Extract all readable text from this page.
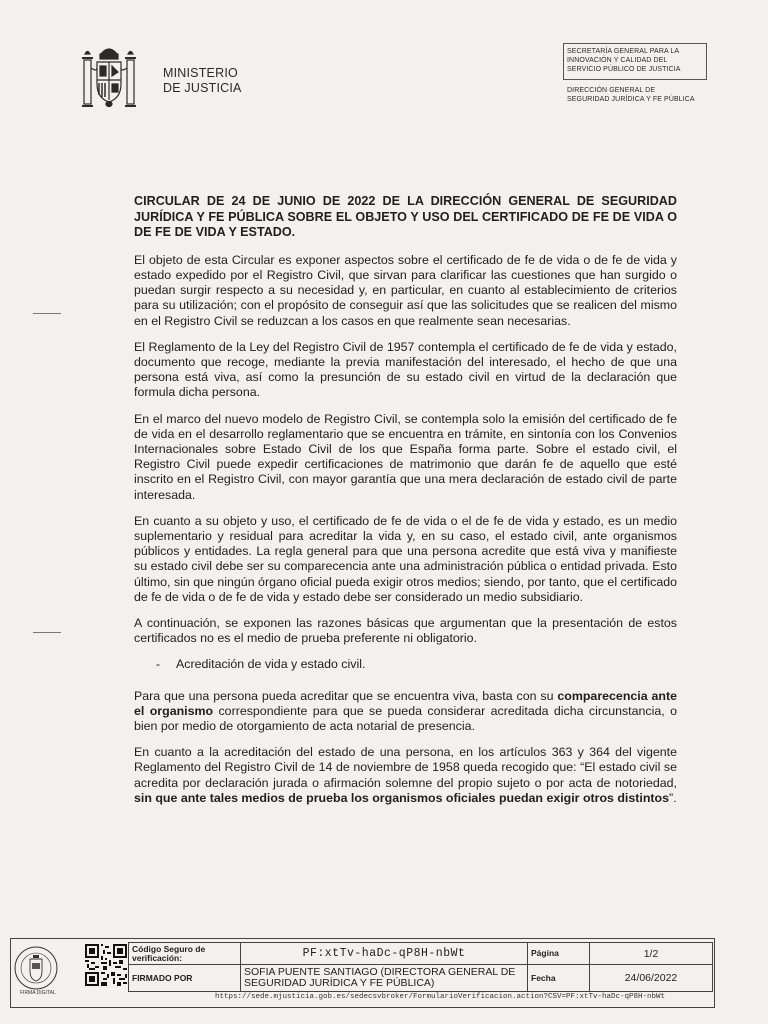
MINISTERIO
DE JUSTICIA
SECRETARÍA GENERAL PARA LA
INNOVACIÓN Y CALIDAD DEL
SERVICIO PÚBLICO DE JUSTICIA
DIRECCIÓN GENERAL DE
SEGURIDAD JURÍDICA Y FE PÚBLICA

CIRCULAR DE 24 DE JUNIO DE 2022 DE LA DIRECCIÓN GENERAL DE SEGURIDAD JURÍDICA Y FE PÚBLICA SOBRE EL OBJETO Y USO DEL CERTIFICADO DE FE DE VIDA O DE FE DE VIDA Y ESTADO.

El objeto de esta Circular es exponer aspectos sobre el certificado de fe de vida o de fe de vida y estado expedido por el Registro Civil, que sirvan para clarificar las cuestiones que han surgido o puedan surgir respecto a su necesidad y, en particular, en cuanto al establecimiento de criterios para su utilización; con el propósito de conseguir así que las solicitudes que se realicen del mismo en el Registro Civil se reduzcan a los casos en que realmente sean necesarias.

El Reglamento de la Ley del Registro Civil de 1957 contempla el certificado de fe de vida y estado, documento que recoge, mediante la previa manifestación del interesado, el hecho de que una persona está viva, así como la presunción de su estado civil en virtud de la declaración que formula dicha persona.

En el marco del nuevo modelo de Registro Civil, se contempla solo la emisión del certificado de fe de vida en el desarrollo reglamentario que se encuentra en trámite, en sintonía con los Convenios Internacionales sobre Estado Civil de los que España forma parte. Sobre el estado civil, el Registro Civil puede expedir certificaciones de matrimonio que darán fe de aquello que esté inscrito en el Registro Civil, con mayor garantía que una mera declaración de estado civil de parte interesada.

En cuanto a su objeto y uso, el certificado de fe de vida o el de fe de vida y estado, es un medio suplementario y residual para acreditar la vida y, en su caso, el estado civil, ante organismos públicos y entidades. La regla general para que una persona acredite que está viva y manifieste su estado civil debe ser su comparecencia ante una administración pública o entidad privada. Esto último, sin que ningún órgano oficial pueda exigir otros medios; siendo, por tanto, que el certificado de fe de vida o de fe de vida y estado debe ser considerado un medio subsidiario.

A continuación, se exponen las razones básicas que argumentan que la presentación de estos certificados no es el medio de prueba preferente ni obligatorio.

-	Acreditación de vida y estado civil.

Para que una persona pueda acreditar que se encuentra viva, basta con su comparecencia ante el organismo correspondiente para que se pueda considerar acreditada dicha circunstancia, o bien por medio de otorgamiento de acta notarial de presencia.

En cuanto a la acreditación del estado de una persona, en los artículos 363 y 364 del vigente Reglamento del Registro Civil de 14 de noviembre de 1958 queda recogido que: “El estado civil se acredita por declaración jurada o afirmación solemne del propio sujeto o por acta de notoriedad, sin que ante tales medios de prueba los organismos oficiales puedan exigir otros distintos”.

FIRMA DIGITAL
Código Seguro de verificación:	PF:xtTv-haDc-qP8H-nbWt	Página	1/2
FIRMADO POR	SOFIA PUENTE SANTIAGO (DIRECTORA GENERAL DE SEGURIDAD JURÍDICA Y FE PÚBLICA)	Fecha	24/06/2022
https://sede.mjusticia.gob.es/sedecsvbroker/FormularioVerificacion.action?CSV=PF:xtTv-haDc-qP8H-nbWt
